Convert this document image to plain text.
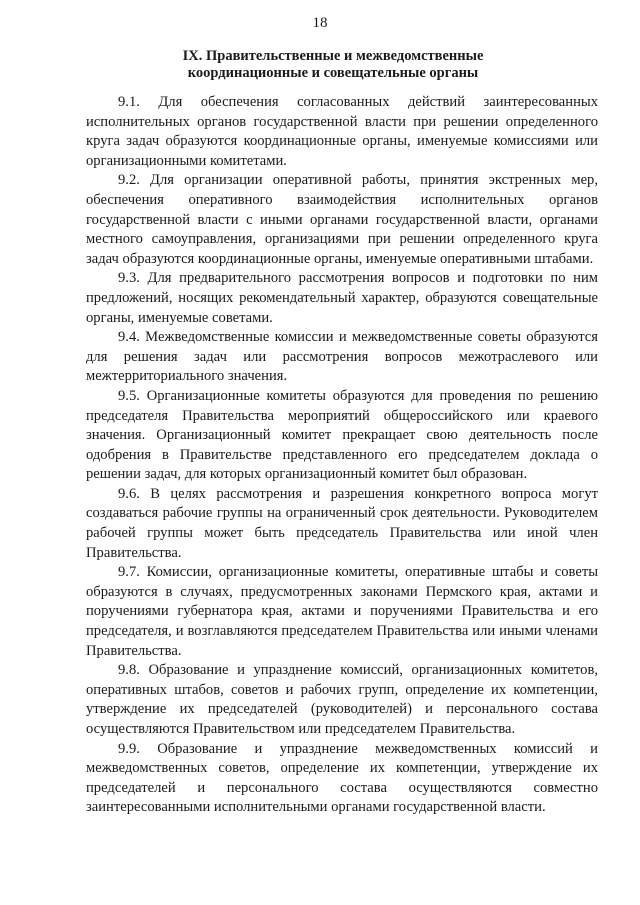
18
IX. Правительственные и межведомственные
координационные и совещательные органы

9.1. Для обеспечения согласованных действий заинтересованных исполнительных органов государственной власти при решении определенного круга задач образуются координационные органы, именуемые комиссиями или организационными комитетами.

9.2. Для организации оперативной работы, принятия экстренных мер, обеспечения оперативного взаимодействия исполнительных органов государственной власти с иными органами государственной власти, органами местного самоуправления, организациями при решении определенного круга задач образуются координационные органы, именуемые оперативными штабами.

9.3. Для предварительного рассмотрения вопросов и подготовки по ним предложений, носящих рекомендательный характер, образуются совещательные органы, именуемые советами.

9.4. Межведомственные комиссии и межведомственные советы образуются для решения задач или рассмотрения вопросов межотраслевого или межтерриториального значения.

9.5. Организационные комитеты образуются для проведения по решению председателя Правительства мероприятий общероссийского или краевого значения. Организационный комитет прекращает свою деятельность после одобрения в Правительстве представленного его председателем доклада о решении задач, для которых организационный комитет был образован.

9.6. В целях рассмотрения и разрешения конкретного вопроса могут создаваться рабочие группы на ограниченный срок деятельности. Руководителем рабочей группы может быть председатель Правительства или иной член Правительства.

9.7. Комиссии, организационные комитеты, оперативные штабы и советы образуются в случаях, предусмотренных законами Пермского края, актами и поручениями губернатора края, актами и поручениями Правительства и его председателя, и возглавляются председателем Правительства или иными членами Правительства.

9.8. Образование и упразднение комиссий, организационных комитетов, оперативных штабов, советов и рабочих групп, определение их компетенции, утверждение их председателей (руководителей) и персонального состава осуществляются Правительством или председателем Правительства.

9.9. Образование и упразднение межведомственных комиссий и межведомственных советов, определение их компетенции, утверждение их председателей и персонального состава осуществляются совместно заинтересованными исполнительными органами государственной власти.
